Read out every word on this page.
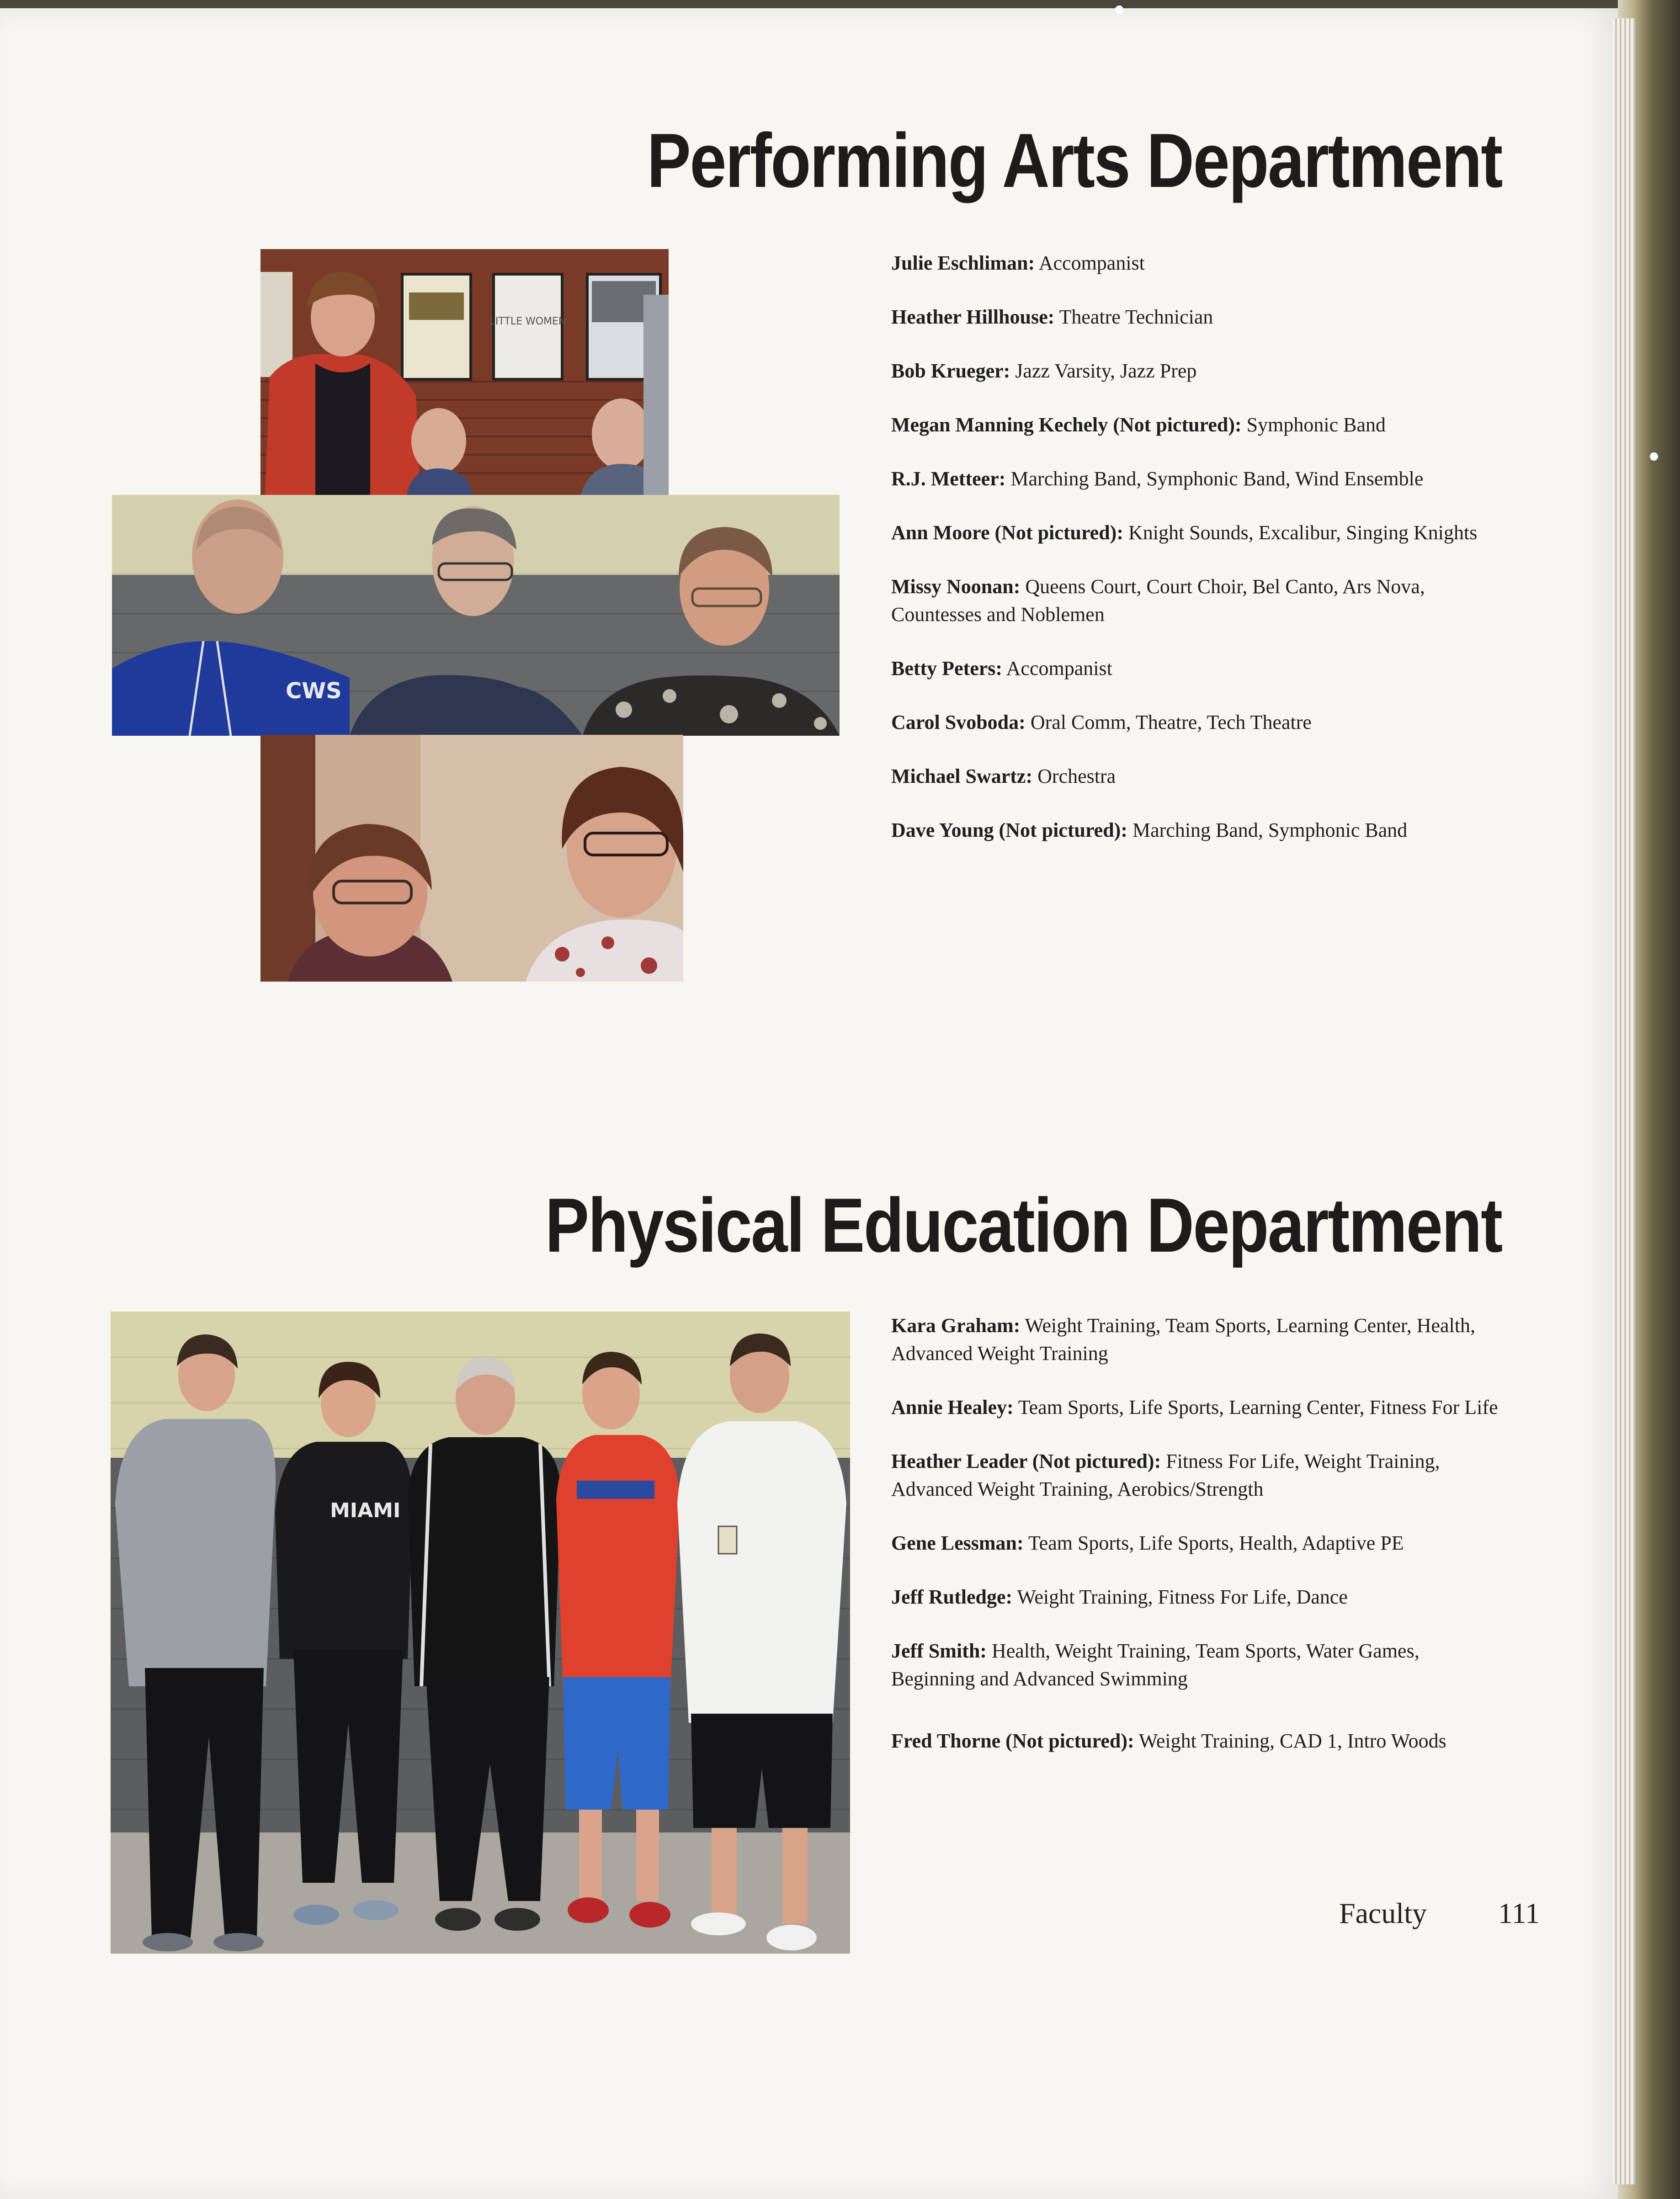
Performing Arts Department
LITTLE WOMEN
CWS
Julie Eschliman: Accompanist
Heather Hillhouse: Theatre Technician
Bob Krueger: Jazz Varsity, Jazz Prep
Megan Manning Kechely (Not pictured): Symphonic Band
R.J. Metteer: Marching Band, Symphonic Band, Wind Ensemble
Ann Moore (Not pictured): Knight Sounds, Excalibur, Singing Knights
Missy Noonan: Queens Court, Court Choir, Bel Canto, Ars Nova, Countesses and Noblemen
Betty Peters: Accompanist
Carol Svoboda: Oral Comm, Theatre, Tech Theatre
Michael Swartz: Orchestra
Dave Young (Not pictured): Marching Band, Symphonic Band
Physical Education Department
MIAMI
Kara Graham: Weight Training, Team Sports, Learning Center, Health, Advanced Weight Training
Annie Healey: Team Sports, Life Sports, Learning Center, Fitness For Life
Heather Leader (Not pictured): Fitness For Life, Weight Training, Advanced Weight Training, Aerobics/Strength
Gene Lessman: Team Sports, Life Sports, Health, Adaptive PE
Jeff Rutledge: Weight Training, Fitness For Life, Dance
Jeff Smith: Health, Weight Training, Team Sports, Water Games, Beginning and Advanced Swimming
Fred Thorne (Not pictured): Weight Training, CAD 1, Intro Woods
Faculty 111
